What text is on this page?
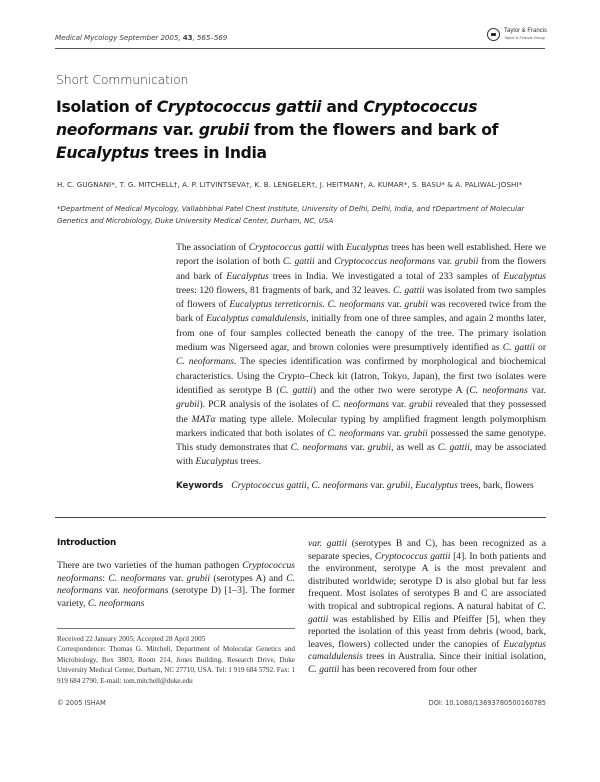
Medical Mycology September 2005, 43, 565–569
Taylor & Francis
Taylor & Francis Group
Short Communication
Isolation of Cryptococcus gattii and Cryptococcus neoformans var. grubii from the flowers and bark of Eucalyptus trees in India
H. C. GUGNANI*, T. G. MITCHELL†, A. P. LITVINTSEVA†, K. B. LENGELER†, J. HEITMAN†, A. KUMAR*, S. BASU* & A. PALIWAL-JOSHI*
*Department of Medical Mycology, Vallabhbhai Patel Chest Institute, University of Delhi, Delhi, India, and †Department of Molecular Genetics and Microbiology, Duke University Medical Center, Durham, NC, USA
The association of Cryptococcus gattii with Eucalyptus trees has been well established. Here we report the isolation of both C. gattii and Cryptococcus neoformans var. grubii from the flowers and bark of Eucalyptus trees in India. We investigated a total of 233 samples of Eucalyptus trees: 120 flowers, 81 fragments of bark, and 32 leaves. C. gattii was isolated from two samples of flowers of Eucalyptus terreticornis. C. neoformans var. grubii was recovered twice from the bark of Eucalyptus camaldulensis, initially from one of three samples, and again 2 months later, from one of four samples collected beneath the canopy of the tree. The primary isolation medium was Nigerseed agar, and brown colonies were presumptively identified as C. gattii or C. neoformans. The species identification was confirmed by morphological and biochemical characteristics. Using the Crypto–Check kit (Iatron, Tokyo, Japan), the first two isolates were identified as serotype B (C. gattii) and the other two were serotype A (C. neoformans var. grubii). PCR analysis of the isolates of C. neoformans var. grubii revealed that they possessed the MATα mating type allele. Molecular typing by amplified fragment length polymorphism markers indicated that both isolates of C. neoformans var. grubii possessed the same genotype. This study demonstrates that C. neoformans var. grubii, as well as C. gattii, may be associated with Eucalyptus trees.
Keywords Cryptococcus gattii, C. neoformans var. grubii, Eucalyptus trees, bark, flowers
Introduction
There are two varieties of the human pathogen Cryptococcus neoformans: C. neoformans var. grubii (serotypes A) and C. neoformans var. neoformans (serotype D) [1–3]. The former variety, C. neoformans
var. gattii (serotypes B and C), has been recognized as a separate species, Cryptococcus gattii [4]. In both patients and the environment, serotype A is the most prevalent and distributed worldwide; serotype D is also global but far less frequent. Most isolates of serotypes B and C are associated with tropical and subtropical regions. A natural habitat of C. gattii was established by Ellis and Pfeiffer [5], when they reported the isolation of this yeast from debris (wood, bark, leaves, flowers) collected under the canopies of Eucalyptus camaldulensis trees in Australia. Since their initial isolation, C. gattii has been recovered from four other

Received 22 January 2005; Accepted 28 April 2005

Correspondence: Thomas G. Mitchell, Department of Molecular Genetics and Microbiology, Box 3803, Room 214, Jones Building, Research Drive, Duke University Medical Center, Durham, NC 27710, USA. Tel: 1 919 684 5792. Fax: 1 919 684 2790. E-mail: tom.mitchell@duke.edu

© 2005 ISHAM	DOI: 10.1080/13693780500160785
